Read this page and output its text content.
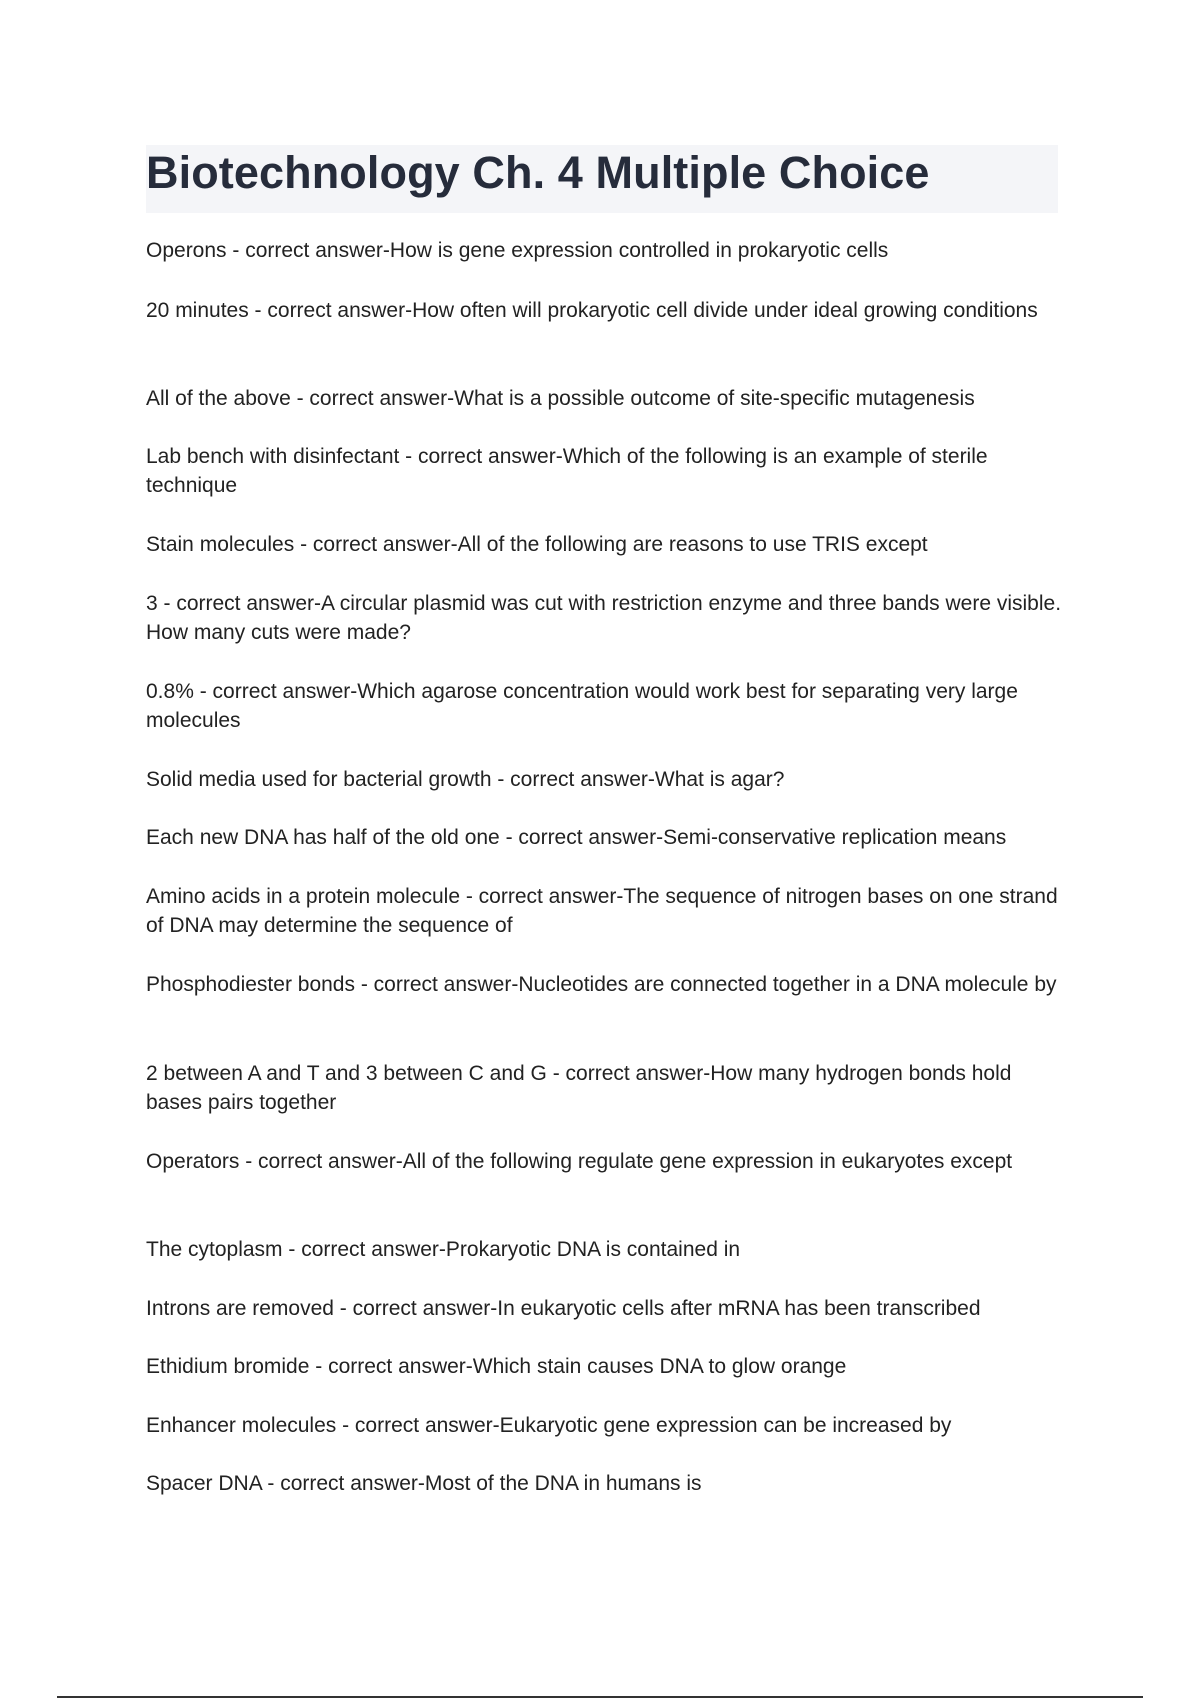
Biotechnology Ch. 4 Multiple Choice
Operons - correct answer-How is gene expression controlled in prokaryotic cells
20 minutes - correct answer-How often will prokaryotic cell divide under ideal growing conditions
All of the above - correct answer-What is a possible outcome of site-specific mutagenesis
Lab bench with disinfectant - correct answer-Which of the following is an example of sterile technique
Stain molecules - correct answer-All of the following are reasons to use TRIS except
3 - correct answer-A circular plasmid was cut with restriction enzyme and three bands were visible. How many cuts were made?
0.8% - correct answer-Which agarose concentration would work best for separating very large molecules
Solid media used for bacterial growth - correct answer-What is agar?
Each new DNA has half of the old one - correct answer-Semi-conservative replication means
Amino acids in a protein molecule - correct answer-The sequence of nitrogen bases on one strand of DNA may determine the sequence of
Phosphodiester bonds - correct answer-Nucleotides are connected together in a DNA molecule by
2 between A and T and 3 between C and G - correct answer-How many hydrogen bonds hold bases pairs together
Operators - correct answer-All of the following regulate gene expression in eukaryotes except
The cytoplasm - correct answer-Prokaryotic DNA is contained in
Introns are removed - correct answer-In eukaryotic cells after mRNA has been transcribed
Ethidium bromide - correct answer-Which stain causes DNA to glow orange
Enhancer molecules - correct answer-Eukaryotic gene expression can be increased by
Spacer DNA - correct answer-Most of the DNA in humans is
